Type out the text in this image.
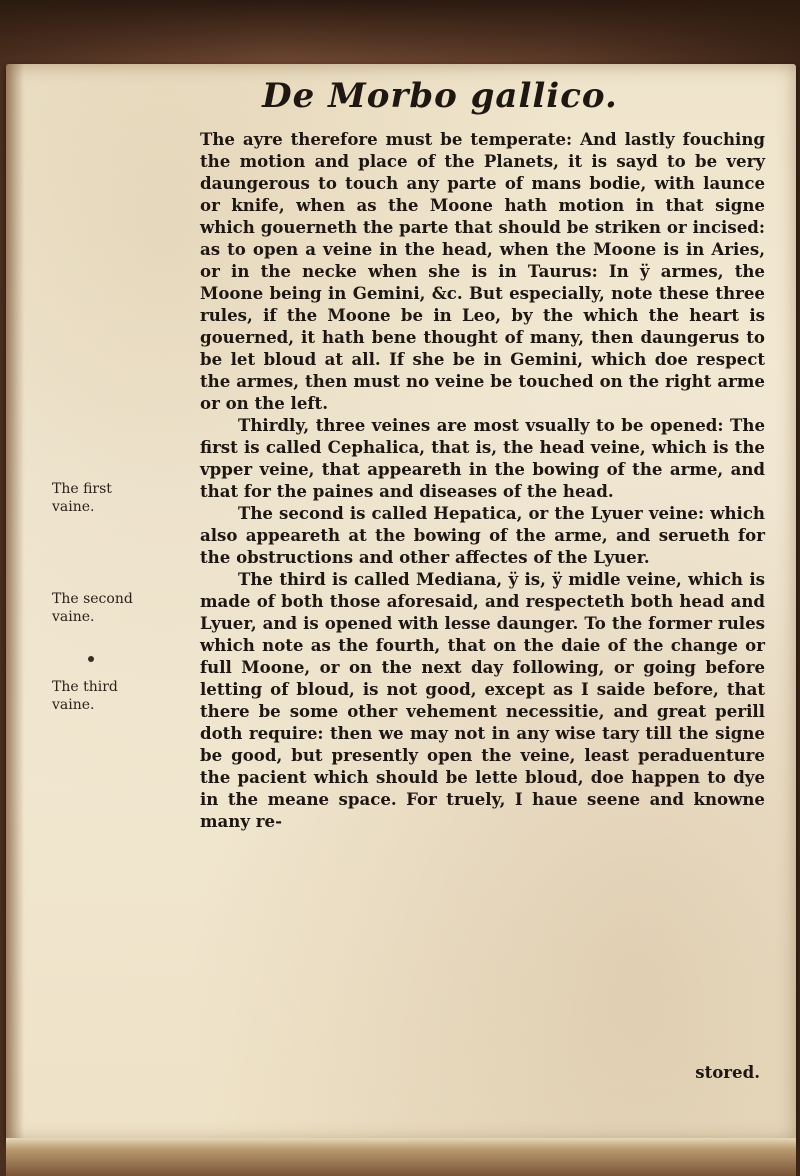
De Morbo gallico.

The ayre therefore must be temperate: And lastly fouching the motion and place of the Planets, it is sayd to be very daungerous to touch any parte of mans bodie, with launce or knife, when as the Moone hath motion in that signe which gouerneth the parte that should be striken or incised: as to open a veine in the head, when the Moone is in Aries, or in the necke when she is in Taurus: In ÿ armes, the Moone being in Gemini, &c. But especially, note these three rules, if the Moone be in Leo, by the which the heart is gouerned, it hath bene thought of many, then daungerus to be let bloud at all. If she be in Gemini, which doe respect the armes, then must no veine be touched on the right arme or on the left.

Thirdly, three veines are most vsually to be opened: The first is called Cephalica, that is, the head veine, which is the vpper veine, that appeareth in the bowing of the arme, and that for the paines and diseases of the head.

The second is called Hepatica, or the Lyuer veine: which also appeareth at the bowing of the arme, and serueth for the obstructions and other affectes of the Lyuer.

The third is called Mediana, ÿ is, ÿ midle veine, which is made of both those aforesaid, and respecteth both head and Lyuer, and is opened with lesse daunger. To the former rules which note as the fourth, that on the daie of the change or full Moone, or on the next day following, or going before letting of bloud, is not good, except as I saide before, that there be some other vehement necessitie, and great perill doth require: then we may not in any wise tary till the signe be good, but presently open the veine, least peraduenture the pacient which should be lette bloud, doe happen to dye in the meane space. For truely, I haue seene and knowne many re-

The first vaine.
The second vaine.
The third vaine.
stored.
